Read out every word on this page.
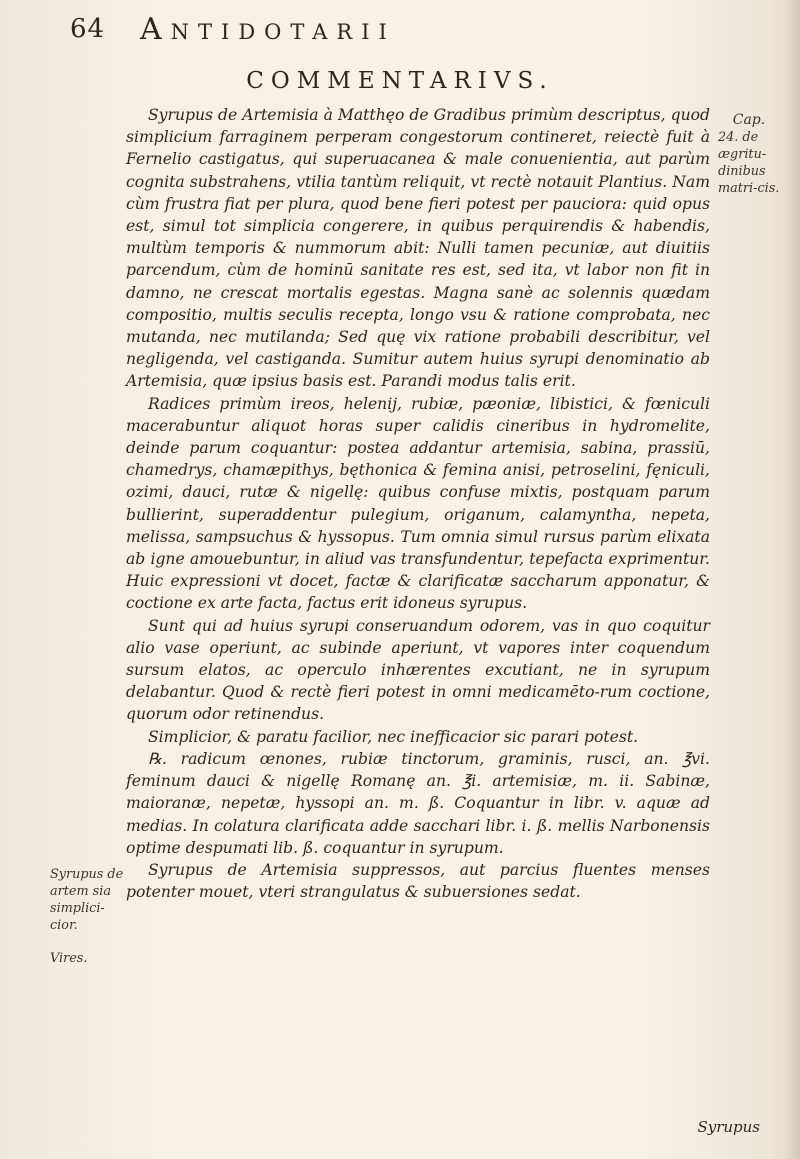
64 Antidotarii
COMMENTARIVS.
Cap.
24. de ægritu-dinibus matri-cis.

Syrupus de Artemisia à Matthęo de Gradibus primùm descriptus, quod simplicium farraginem perperam congestorum contineret, reiectè fuit à Fernelio castigatus, qui superuacanea & male conuenientia, aut parùm cognita substrahens, vtilia tantùm reliquit, vt rectè notauit Plantius. Nam cùm frustra fiat per plura, quod bene fieri potest per pauciora: quid opus est, simul tot simplicia congerere, in quibus perquirendis & habendis, multùm temporis & nummorum abit: Nulli tamen pecuniæ, aut diuitiis parcendum, cùm de hominū sanitate res est, sed ita, vt labor non fit in damno, ne crescat mortalis egestas. Magna sanè ac solennis quædam compositio, multis seculis recepta, longo vsu & ratione comprobata, nec mutanda, nec mutilanda; Sed quę vix ratione probabili describitur, vel negligenda, vel castiganda. Sumitur autem huius syrupi denominatio ab Artemisia, quæ ipsius basis est. Parandi modus talis erit.

Radices primùm ireos, helenij, rubiæ, pæoniæ, libistici, & fœniculi macerabuntur aliquot horas super calidis cineribus in hydromelite, deinde parum coquantur: postea addantur artemisia, sabina, prassiū, chamedrys, chamæpithys, bęthonica & femina anisi, petroselini, fęniculi, ozimi, dauci, rutæ & nigellę: quibus confuse mixtis, postquam parum bullierint, superaddentur pulegium, origanum, calamyntha, nepeta, melissa, sampsuchus & hyssopus. Tum omnia simul rursus parùm elixata ab igne amouebuntur, in aliud vas transfundentur, tepefacta exprimentur. Huic expressioni vt docet, factæ & clarificatæ saccharum apponatur, & coctione ex arte facta, factus erit idoneus syrupus.

Sunt qui ad huius syrupi conseruandum odorem, vas in quo coquitur alio vase operiunt, ac subinde aperiunt, vt vapores inter coquendum sursum elatos, ac operculo inhærentes excutiant, ne in syrupum delabantur. Quod & rectè fieri potest in omni medicamēto-rum coctione, quorum odor retinendus.

Simplicior, & paratu facilior, nec inefficacior sic parari potest.

℞. radicum œnones, rubiæ tinctorum, graminis, rusci, an. ℥vi. feminum dauci & nigellę Romanę an. ℥i. artemisiæ, m. ii. Sabinæ, maioranæ, nepetæ, hyssopi an. m. ß. Coquantur in libr. v. aquæ ad medias. In colatura clarificata adde sacchari libr. i. ß. mellis Narbonensis optime despumati lib. ß. coquantur in syrupum.

Syrupus de Artemisia suppressos, aut parcius fluentes menses potenter mouet, vteri strangulatus & subuersiones sedat.

Syrupus de artem sia simplici-cior.
Vires.
Syrupus
